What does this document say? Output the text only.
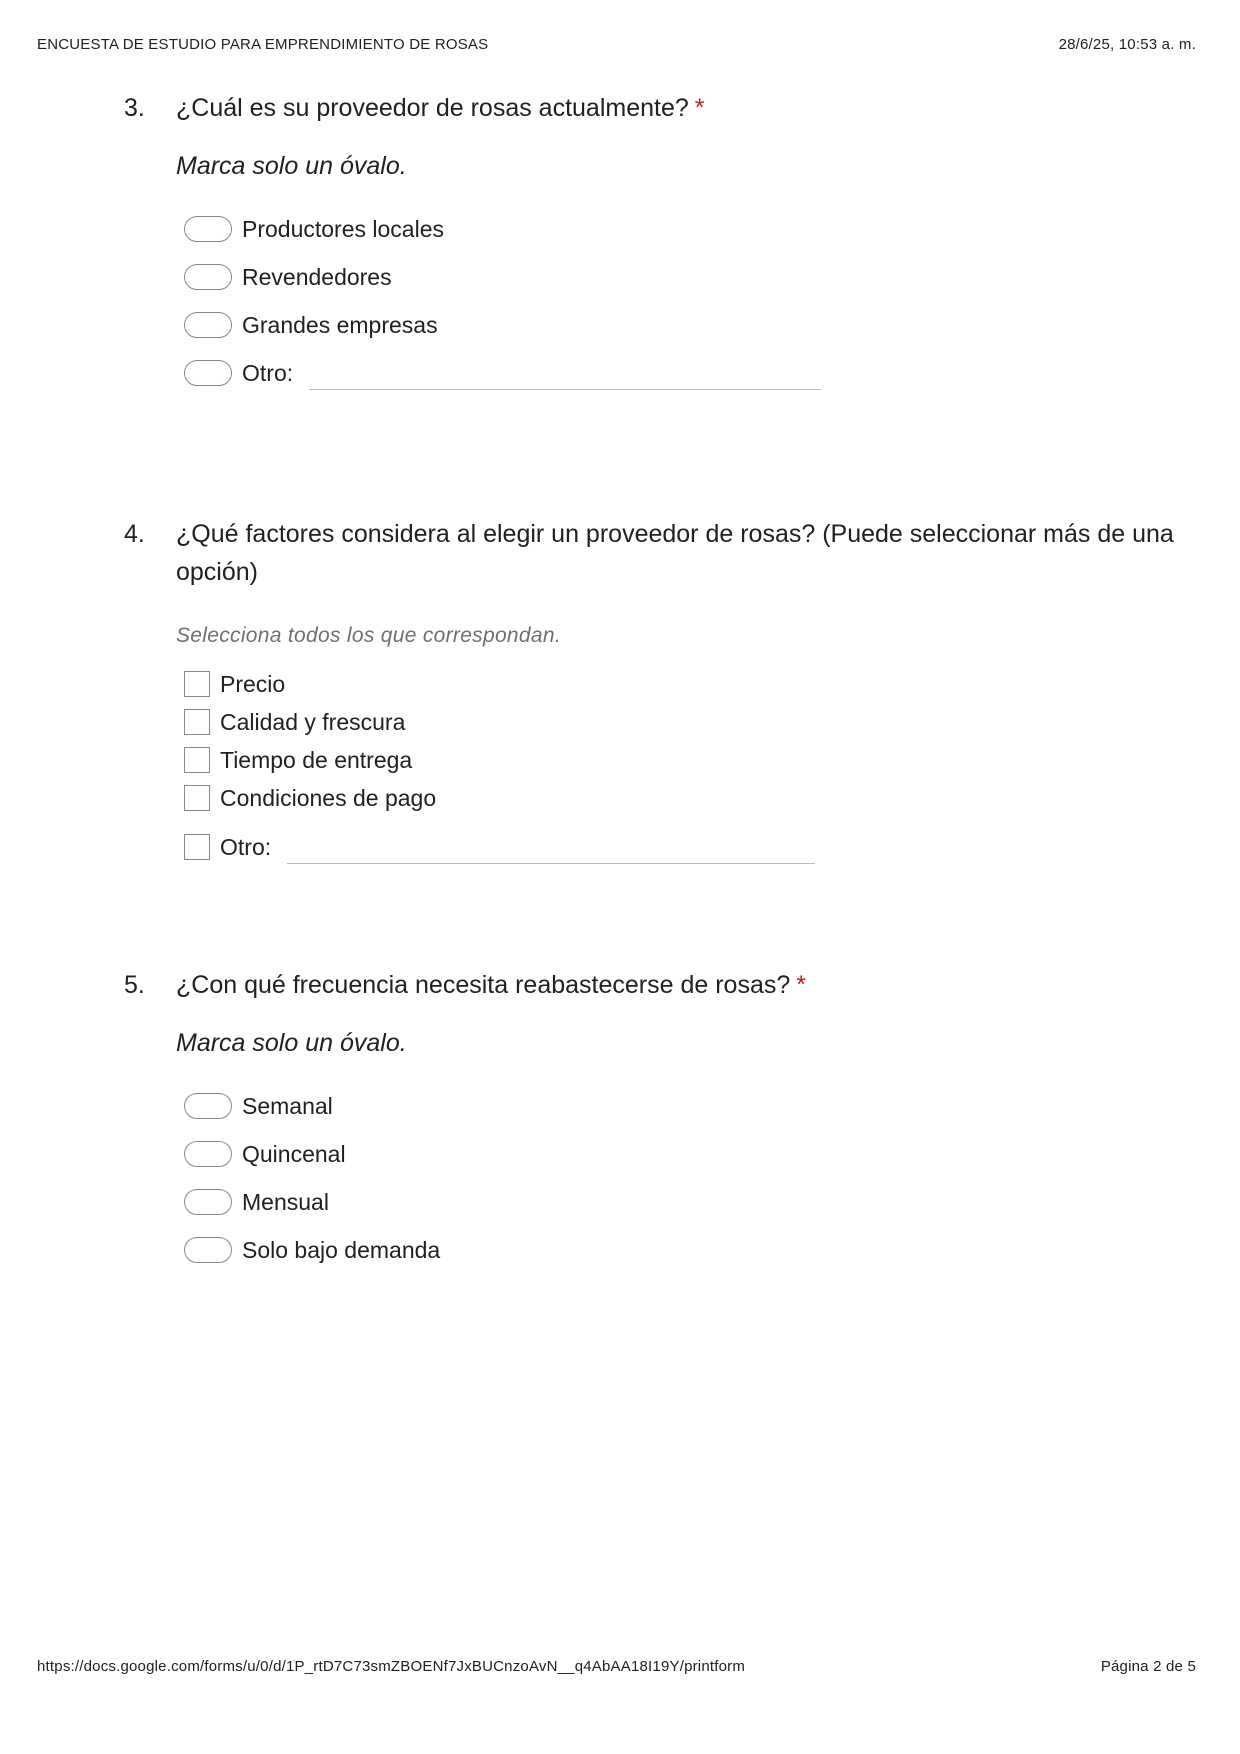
ENCUESTA DE ESTUDIO PARA EMPRENDIMIENTO DE ROSAS	28/6/25, 10:53 a. m.
3. ¿Cuál es su proveedor de rosas actualmente? *

Marca solo un óvalo.
Productores locales
Revendedores
Grandes empresas
Otro:
4. ¿Qué factores considera al elegir un proveedor de rosas? (Puede seleccionar más de una opción)

Selecciona todos los que correspondan.
Precio
Calidad y frescura
Tiempo de entrega
Condiciones de pago
Otro:
5. ¿Con qué frecuencia necesita reabastecerse de rosas? *

Marca solo un óvalo.
Semanal
Quincenal
Mensual
Solo bajo demanda
https://docs.google.com/forms/u/0/d/1P_rtD7C73smZBOENf7JxBUCnzoAvN__q4AbAA18I19Y/printform	Página 2 de 5
